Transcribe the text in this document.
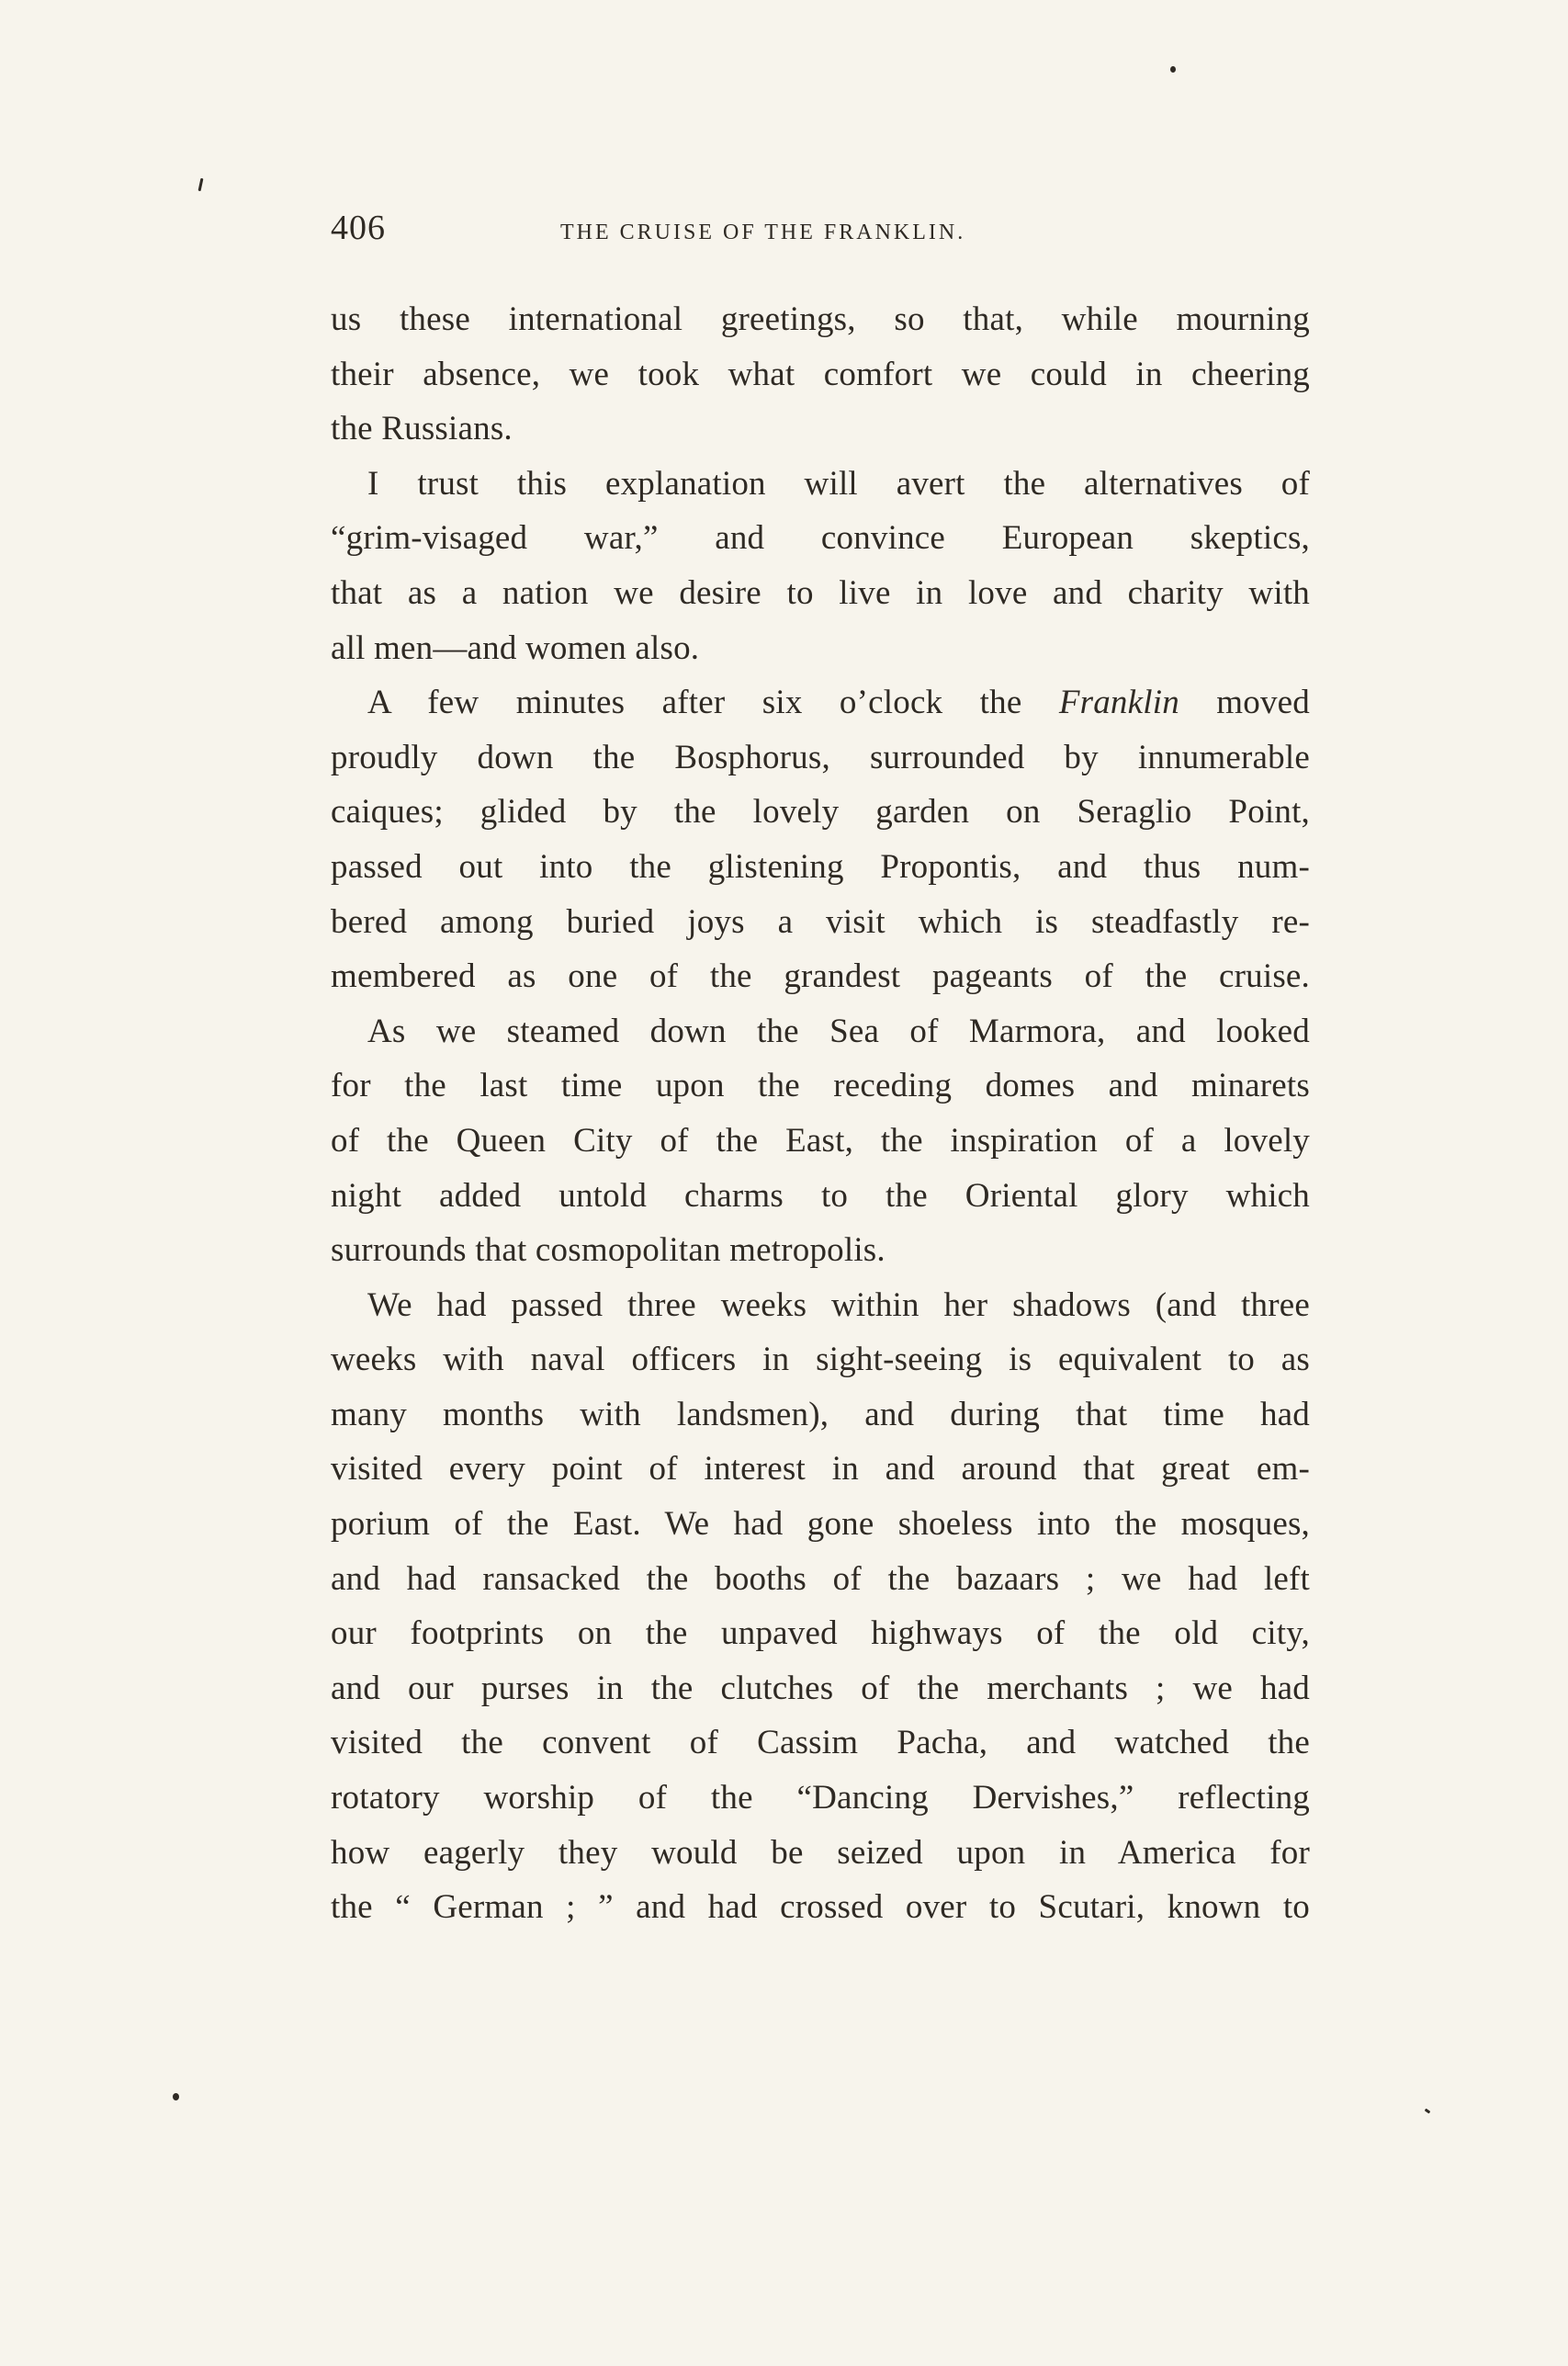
406	THE CRUISE OF THE FRANKLIN.
us these international greetings, so that, while mourning
their absence, we took what comfort we could in cheering
the Russians.
I trust this explanation will avert the alternatives of
“grim-visaged war,” and convince European skeptics,
that as a nation we desire to live in love and charity with
all men—and women also.
A few minutes after six o’clock the Franklin moved
proudly down the Bosphorus, surrounded by innumerable
caiques; glided by the lovely garden on Seraglio Point,
passed out into the glistening Propontis, and thus num-
bered among buried joys a visit which is steadfastly re-
membered as one of the grandest pageants of the cruise.
As we steamed down the Sea of Marmora, and looked
for the last time upon the receding domes and minarets
of the Queen City of the East, the inspiration of a lovely
night added untold charms to the Oriental glory which
surrounds that cosmopolitan metropolis.
We had passed three weeks within her shadows (and three
weeks with naval officers in sight-seeing is equivalent to as
many months with landsmen), and during that time had
visited every point of interest in and around that great em-
porium of the East. We had gone shoeless into the mosques,
and had ransacked the booths of the bazaars ; we had left
our footprints on the unpaved highways of the old city,
and our purses in the clutches of the merchants ; we had
visited the convent of Cassim Pacha, and watched the
rotatory worship of the “Dancing Dervishes,” reflecting
how eagerly they would be seized upon in America for
the “ German ; ” and had crossed over to Scutari, known to
